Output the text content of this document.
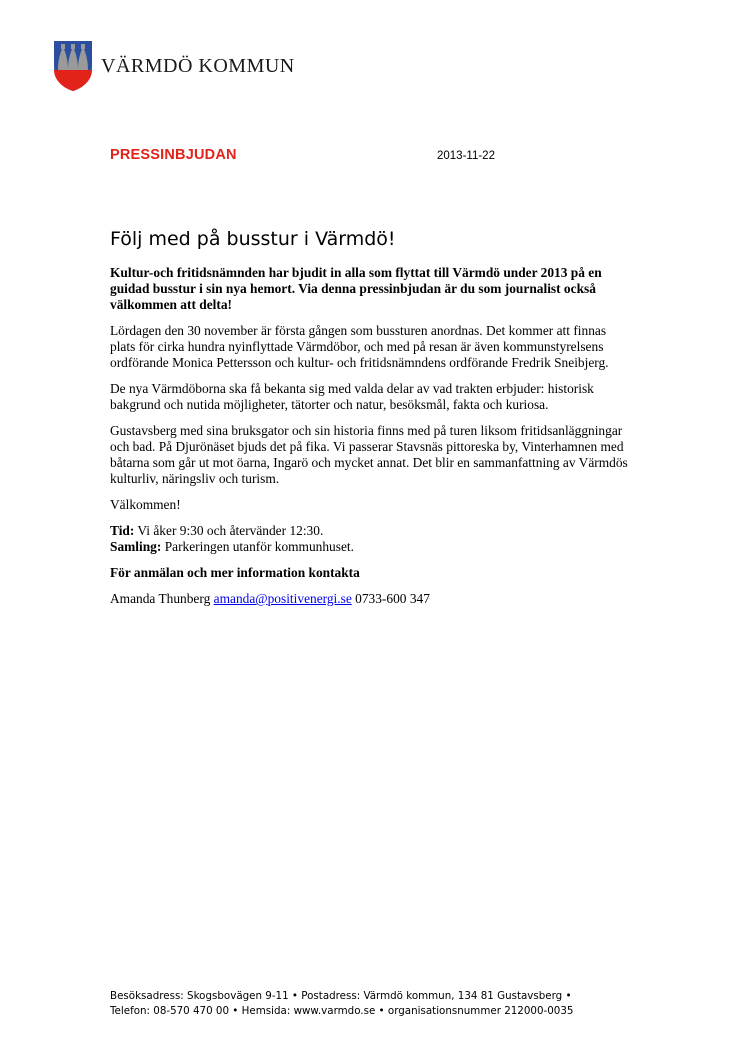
VÄRMDÖ KOMMUN
PRESSINBJUDAN	2013-11-22
Följ med på busstur i Värmdö!

Kultur-och fritidsnämnden har bjudit in alla som flyttat till Värmdö under 2013 på en guidad busstur i sin nya hemort. Via denna pressinbjudan är du som journalist också välkommen att delta!

Lördagen den 30 november är första gången som bussturen anordnas. Det kommer att finnas plats för cirka hundra nyinflyttade Värmdöbor, och med på resan är även kommunstyrelsens ordförande Monica Pettersson och kultur- och fritidsnämndens ordförande Fredrik Sneibjerg.

De nya Värmdöborna ska få bekanta sig med valda delar av vad trakten erbjuder: historisk bakgrund och nutida möjligheter, tätorter och natur, besöksmål, fakta och kuriosa.

Gustavsberg med sina bruksgator och sin historia finns med på turen liksom fritidsanläggningar och bad. På Djurönäset bjuds det på fika. Vi passerar Stavsnäs pittoreska by, Vinterhamnen med båtarna som går ut mot öarna, Ingarö och mycket annat. Det blir en sammanfattning av Värmdös kulturliv, näringsliv och turism.

Välkommen!

Tid: Vi åker 9:30 och återvänder 12:30.
Samling: Parkeringen utanför kommunhuset.

För anmälan och mer information kontakta

Amanda Thunberg amanda@positivenergi.se 0733-600 347

Besöksadress: Skogsbovägen 9-11 • Postadress: Värmdö kommun, 134 81 Gustavsberg •
Telefon: 08-570 470 00 • Hemsida: www.varmdo.se • organisationsnummer 212000-0035
